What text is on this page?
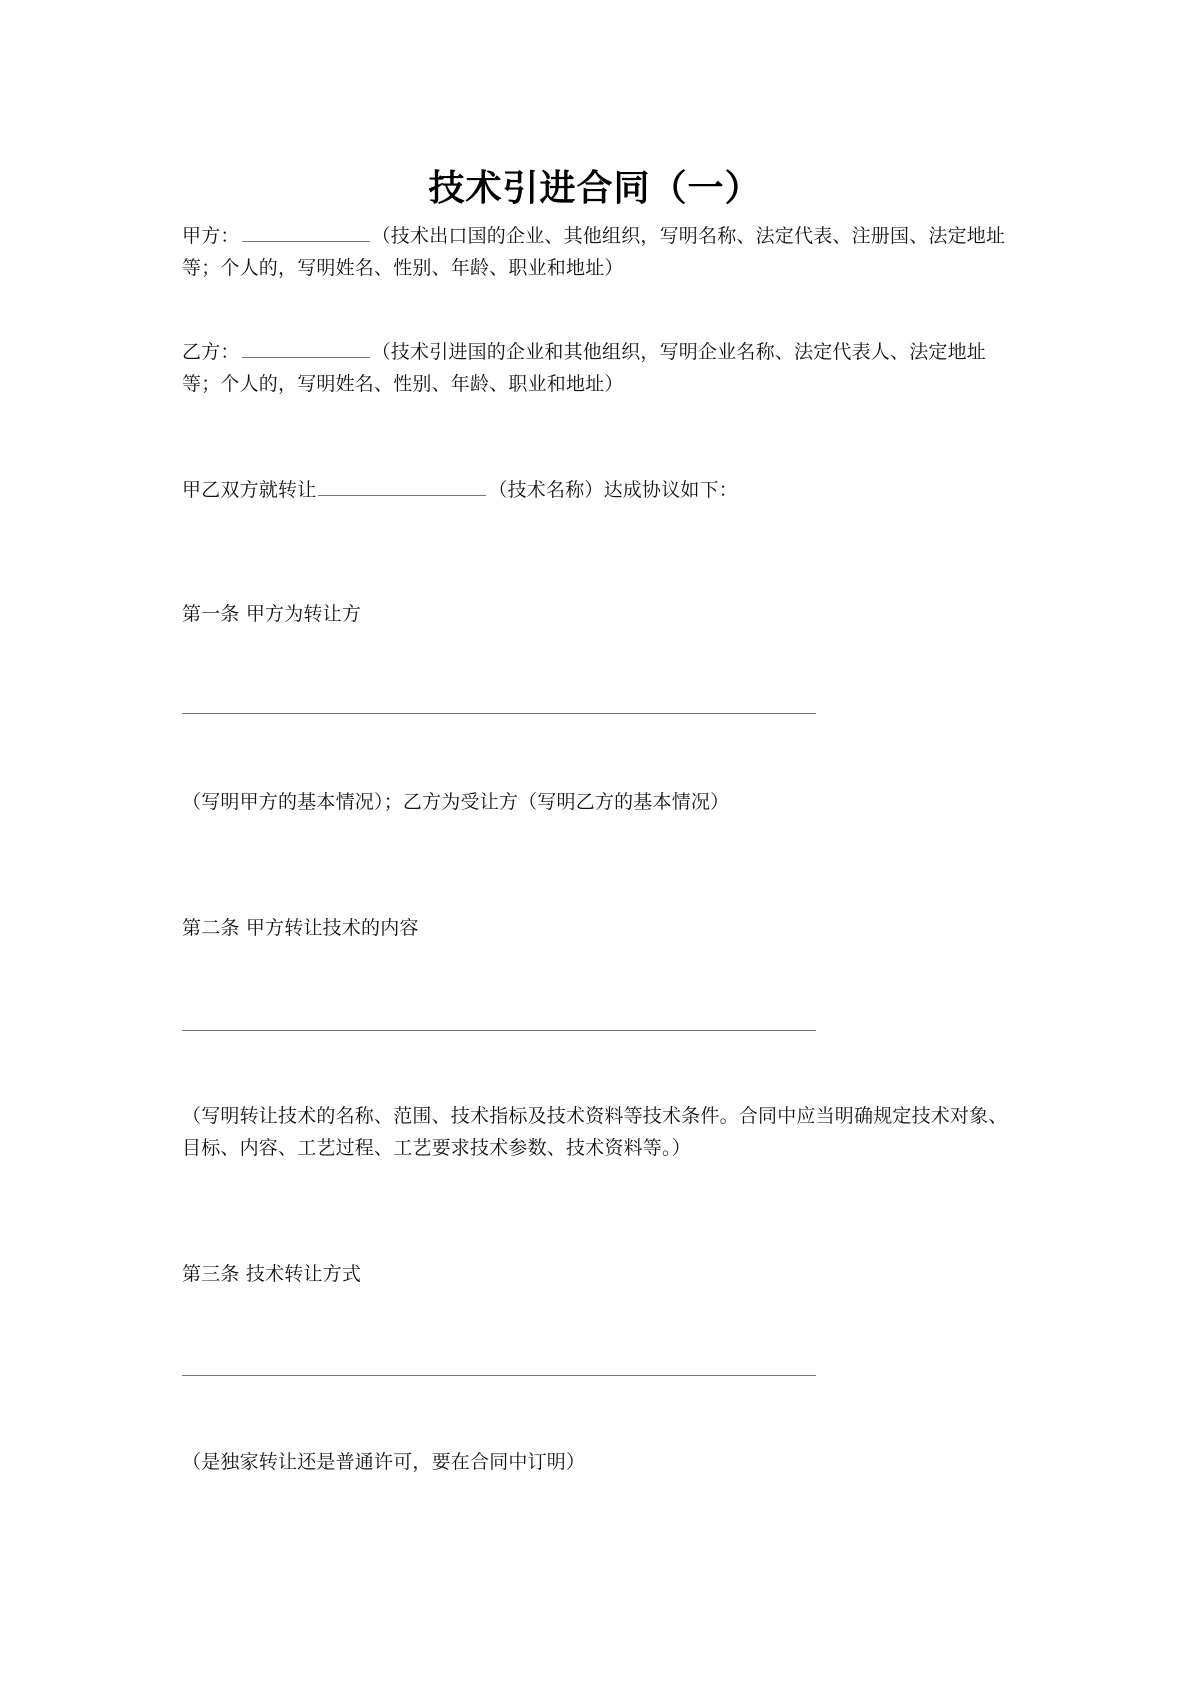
技术引进合同（一）
甲方：	（技术出口国的企业、其他组织，写明名称、法定代表、注册国、法定地址等；个人的，写明姓名、性别、年龄、职业和地址）
乙方：	（技术引进国的企业和其他组织，写明企业名称、法定代表人、法定地址等；个人的，写明姓名、性别、年龄、职业和地址）
甲乙双方就转让	（技术名称）达成协议如下：
第一条 甲方为转让方
（写明甲方的基本情况）；乙方为受让方（写明乙方的基本情况）
第二条 甲方转让技术的内容
（写明转让技术的名称、范围、技术指标及技术资料等技术条件。合同中应当明确规定技术对象、目标、内容、工艺过程、工艺要求技术参数、技术资料等。）
第三条 技术转让方式
（是独家转让还是普通许可，要在合同中订明）
